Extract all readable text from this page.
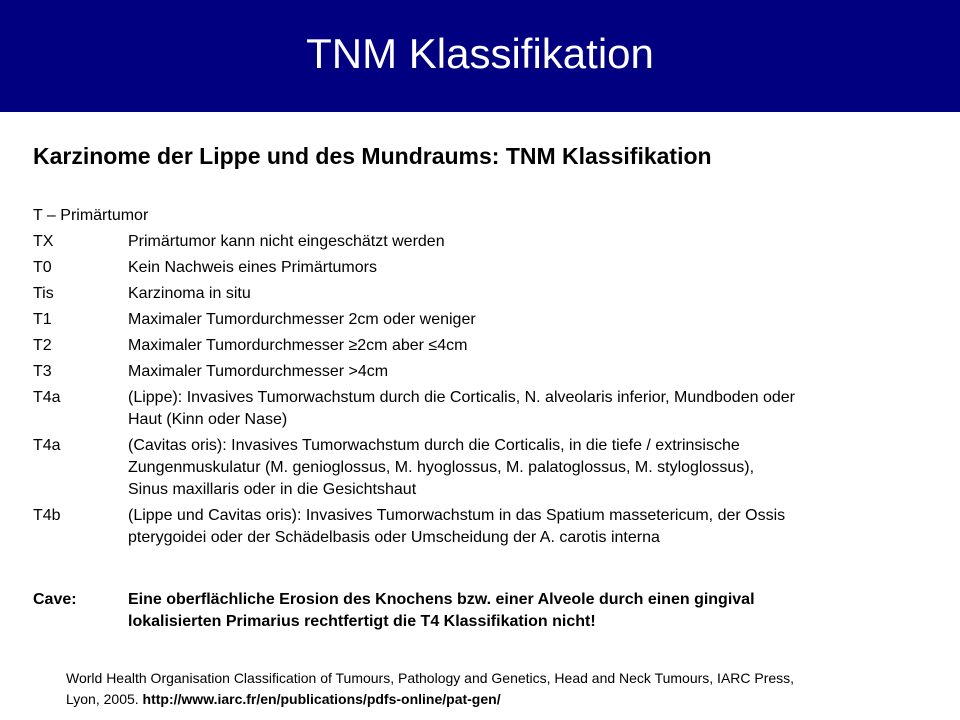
TNM Klassifikation
Karzinome der Lippe und des Mundraums: TNM Klassifikation
T – Primärtumor
TX	Primärtumor kann nicht eingeschätzt werden
T0	Kein Nachweis eines Primärtumors
Tis	Karzinoma in situ
T1	Maximaler Tumordurchmesser 2cm oder weniger
T2	Maximaler Tumordurchmesser ≥2cm aber ≤4cm
T3	Maximaler Tumordurchmesser >4cm
T4a	(Lippe): Invasives Tumorwachstum durch die Corticalis, N. alveolaris inferior, Mundboden oder
Haut (Kinn oder Nase)
T4a	(Cavitas oris): Invasives Tumorwachstum durch die Corticalis, in die tiefe / extrinsische
Zungenmuskulatur (M. genioglossus, M. hyoglossus, M. palatoglossus, M. styloglossus),
Sinus maxillaris oder in die Gesichtshaut
T4b	(Lippe und Cavitas oris): Invasives Tumorwachstum in das Spatium massetericum, der Ossis
pterygoidei oder der Schädelbasis oder Umscheidung der A. carotis interna
Cave:	Eine oberflächliche Erosion des Knochens bzw. einer Alveole durch einen gingival
lokalisierten Primarius rechtfertigt die T4 Klassifikation nicht!
World Health Organisation Classification of Tumours, Pathology and Genetics, Head and Neck Tumours, IARC Press,
Lyon, 2005. http://www.iarc.fr/en/publications/pdfs-online/pat-gen/
